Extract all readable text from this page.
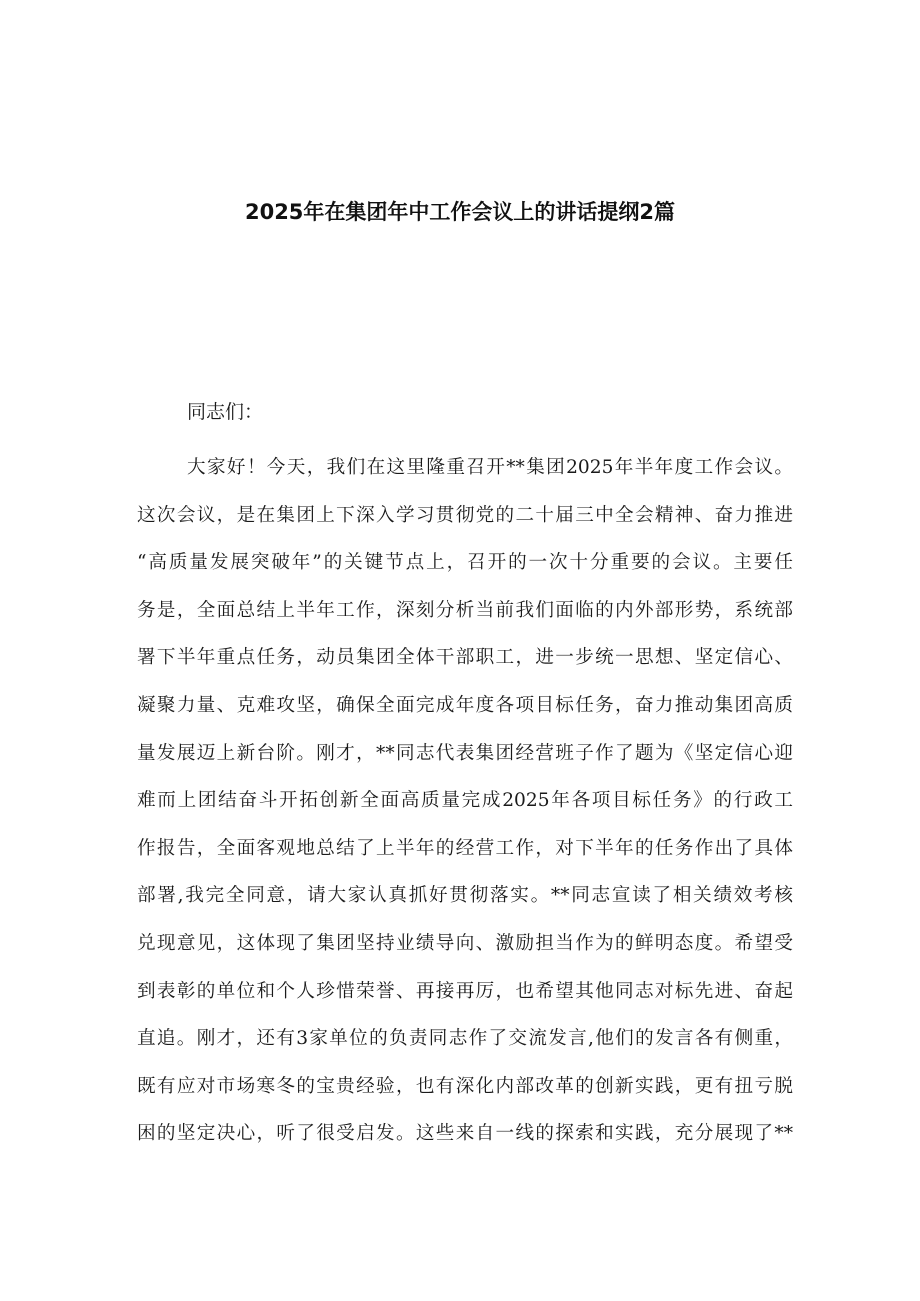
2025年在集团年中工作会议上的讲话提纲2篇
同志们：
大家好！今天，我们在这里隆重召开**集团2025年半年度工作会议。
这次会议，是在集团上下深入学习贯彻党的二十届三中全会精神、奋力推进
“高质量发展突破年”的关键节点上，召开的一次十分重要的会议。主要任
务是，全面总结上半年工作，深刻分析当前我们面临的内外部形势，系统部
署下半年重点任务，动员集团全体干部职工，进一步统一思想、坚定信心、
凝聚力量、克难攻坚，确保全面完成年度各项目标任务，奋力推动集团高质
量发展迈上新台阶。刚才，**同志代表集团经营班子作了题为《坚定信心迎
难而上团结奋斗开拓创新全面高质量完成2025年各项目标任务》的行政工
作报告，全面客观地总结了上半年的经营工作，对下半年的任务作出了具体
部署,我完全同意，请大家认真抓好贯彻落实。**同志宣读了相关绩效考核
兑现意见，这体现了集团坚持业绩导向、激励担当作为的鲜明态度。希望受
到表彰的单位和个人珍惜荣誉、再接再厉，也希望其他同志对标先进、奋起
直追。刚才，还有3家单位的负责同志作了交流发言,他们的发言各有侧重，
既有应对市场寒冬的宝贵经验，也有深化内部改革的创新实践，更有扭亏脱
困的坚定决心，听了很受启发。这些来自一线的探索和实践，充分展现了**
